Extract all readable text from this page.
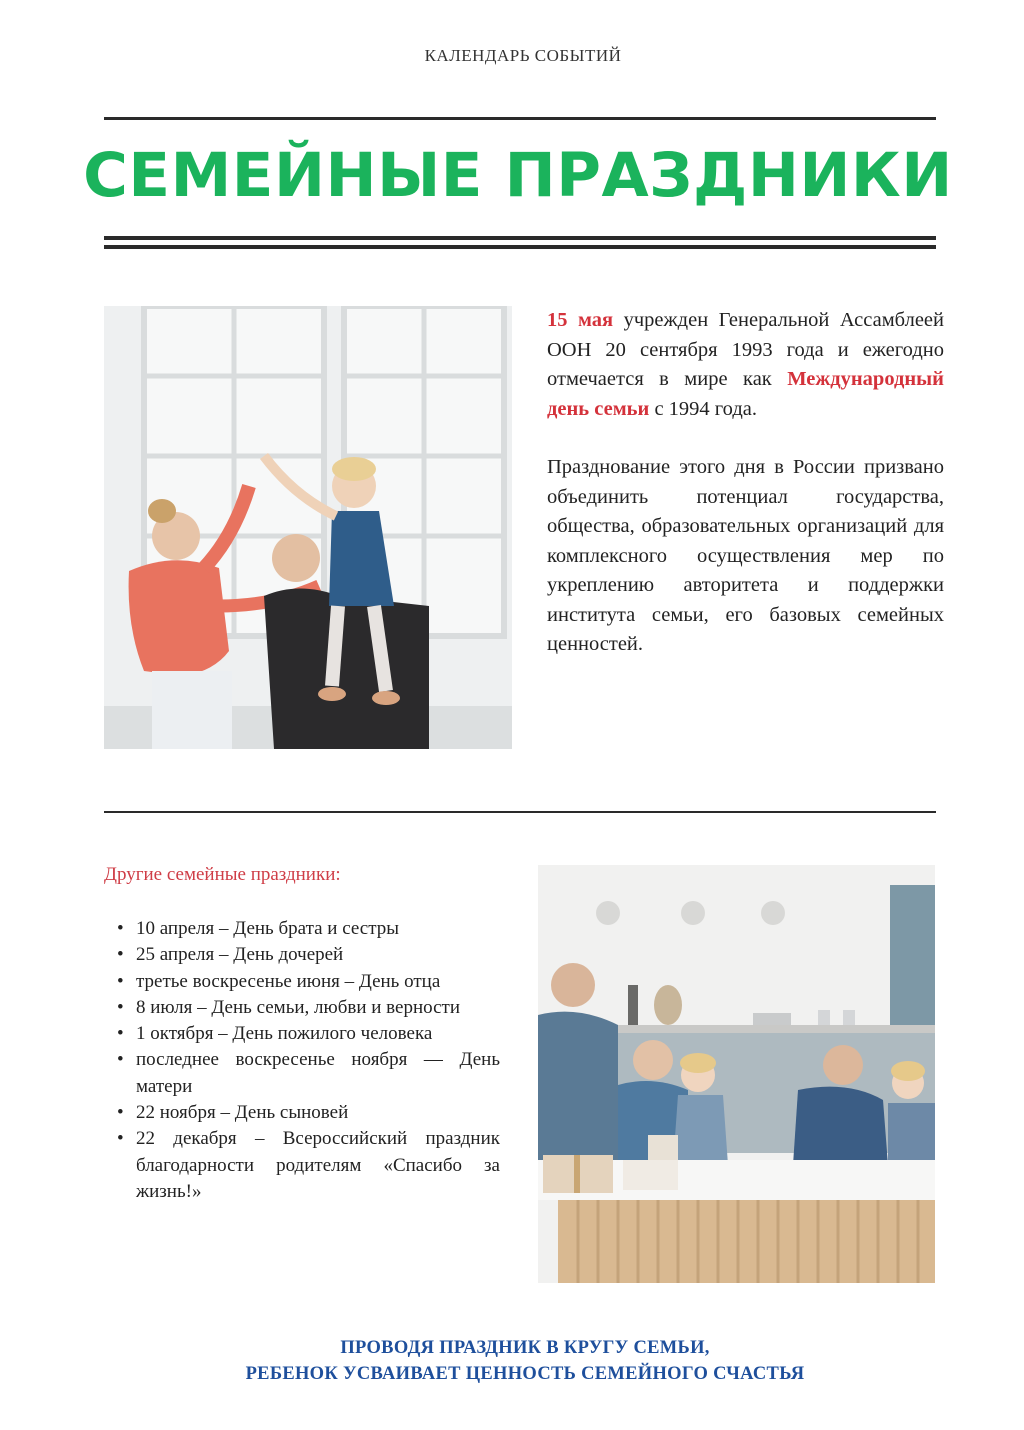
КАЛЕНДАРЬ СОБЫТИЙ
СЕМЕЙНЫЕ ПРАЗДНИКИ

15 мая учрежден Генеральной Ассамблеей ООН 20 сентября 1993 года и ежегодно отмечается в мире как Международный день семьи с 1994 года.

Празднование этого дня в России призвано объединить потенциал государства, общества, образовательных организаций для комплексного осуществления мер по укреплению авторитета и поддержки института семьи, его базовых семейных ценностей.

Другие семейные праздники:
• 10 апреля – День брата и сестры
• 25 апреля – День дочерей
• третье воскресенье июня – День отца
• 8 июля – День семьи, любви и верности
• 1 октября – День пожилого человека
• последнее воскресенье ноября — День матери
• 22 ноября – День сыновей
• 22 декабря – Всероссийский праздник благодарности родителям «Спасибо за жизнь!»
ПРОВОДЯ ПРАЗДНИК В КРУГУ СЕМЬИ,
РЕБЕНОК УСВАИВАЕТ ЦЕННОСТЬ СЕМЕЙНОГО СЧАСТЬЯ
